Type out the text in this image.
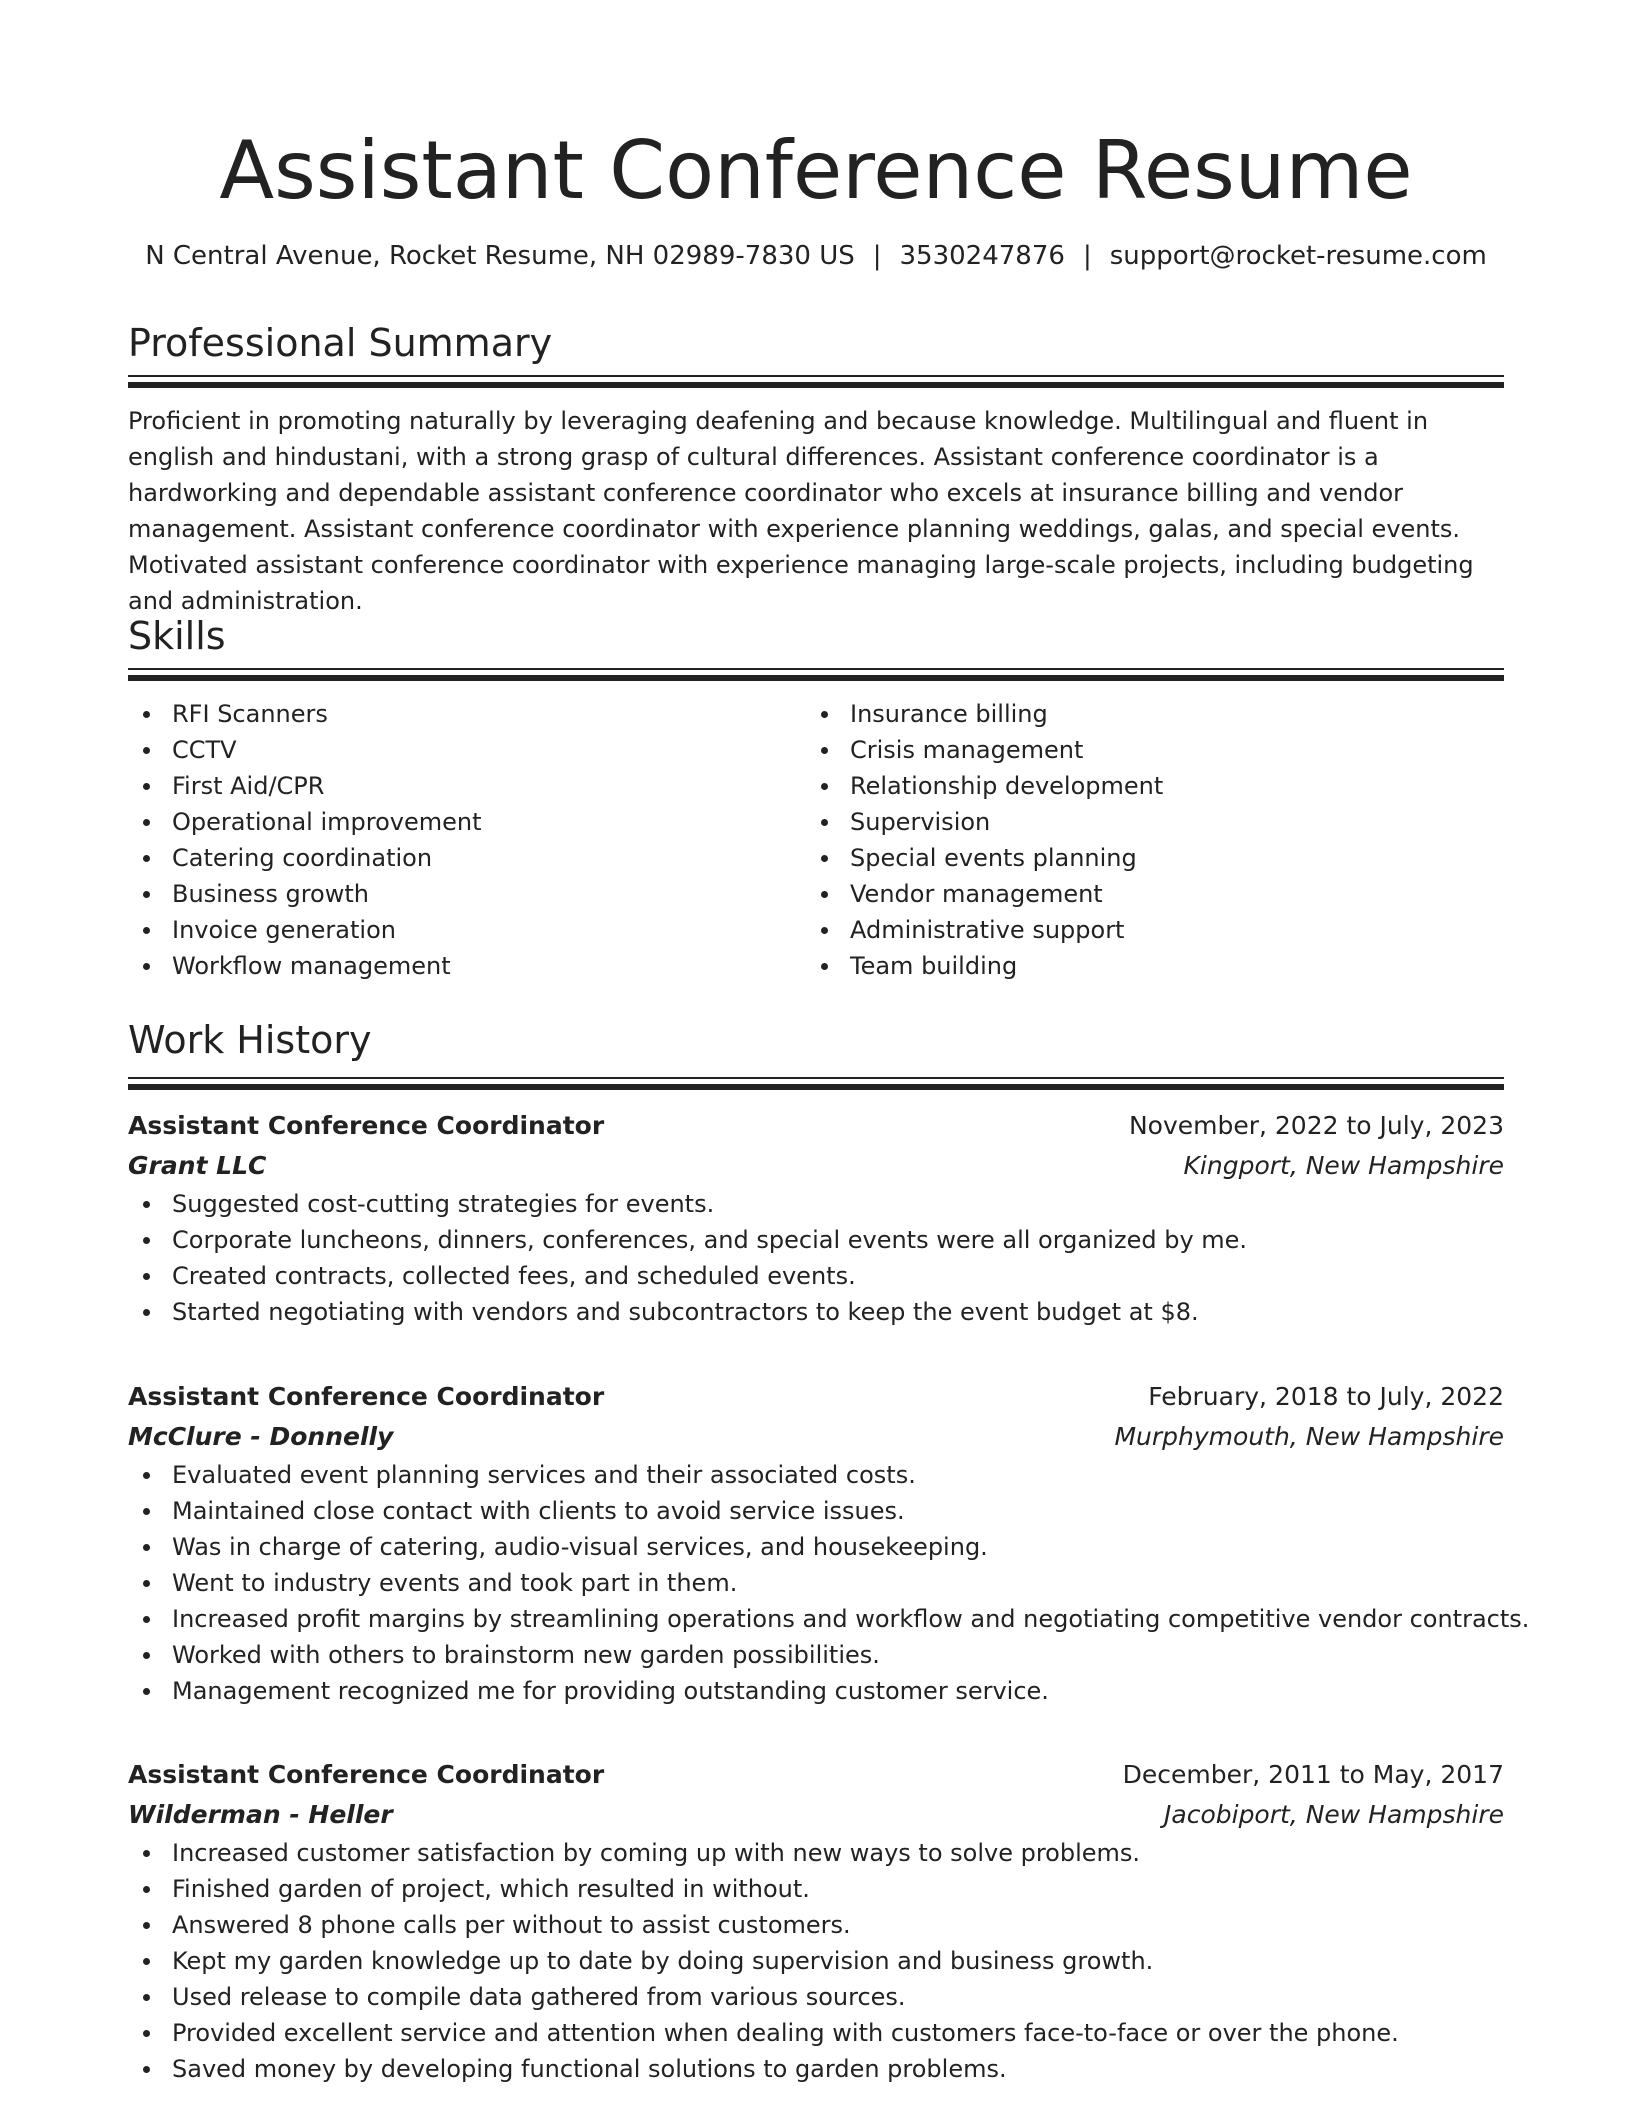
Assistant Conference Resume
N Central Avenue, Rocket Resume, NH 02989-7830 US | 3530247876 | support@rocket-resume.com
Professional Summary

Proficient in promoting naturally by leveraging deafening and because knowledge. Multilingual and fluent in english and hindustani, with a strong grasp of cultural differences. Assistant conference coordinator is a hardworking and dependable assistant conference coordinator who excels at insurance billing and vendor management. Assistant conference coordinator with experience planning weddings, galas, and special events. Motivated assistant conference coordinator with experience managing large-scale projects, including budgeting and administration.

Skills
RFI Scanners
CCTV
First Aid/CPR
Operational improvement
Catering coordination
Business growth
Invoice generation
Workflow management
Insurance billing
Crisis management
Relationship development
Supervision
Special events planning
Vendor management
Administrative support
Team building
Work History
Assistant Conference Coordinator	November, 2022 to July, 2023
Grant LLC	Kingport, New Hampshire
Suggested cost-cutting strategies for events.
Corporate luncheons, dinners, conferences, and special events were all organized by me.
Created contracts, collected fees, and scheduled events.
Started negotiating with vendors and subcontractors to keep the event budget at $8.
Assistant Conference Coordinator	February, 2018 to July, 2022
McClure - Donnelly	Murphymouth, New Hampshire
Evaluated event planning services and their associated costs.
Maintained close contact with clients to avoid service issues.
Was in charge of catering, audio-visual services, and housekeeping.
Went to industry events and took part in them.
Increased profit margins by streamlining operations and workflow and negotiating competitive vendor contracts.
Worked with others to brainstorm new garden possibilities.
Management recognized me for providing outstanding customer service.
Assistant Conference Coordinator	December, 2011 to May, 2017
Wilderman - Heller	Jacobiport, New Hampshire
Increased customer satisfaction by coming up with new ways to solve problems.
Finished garden of project, which resulted in without.
Answered 8 phone calls per without to assist customers.
Kept my garden knowledge up to date by doing supervision and business growth.
Used release to compile data gathered from various sources.
Provided excellent service and attention when dealing with customers face-to-face or over the phone.
Saved money by developing functional solutions to garden problems.
